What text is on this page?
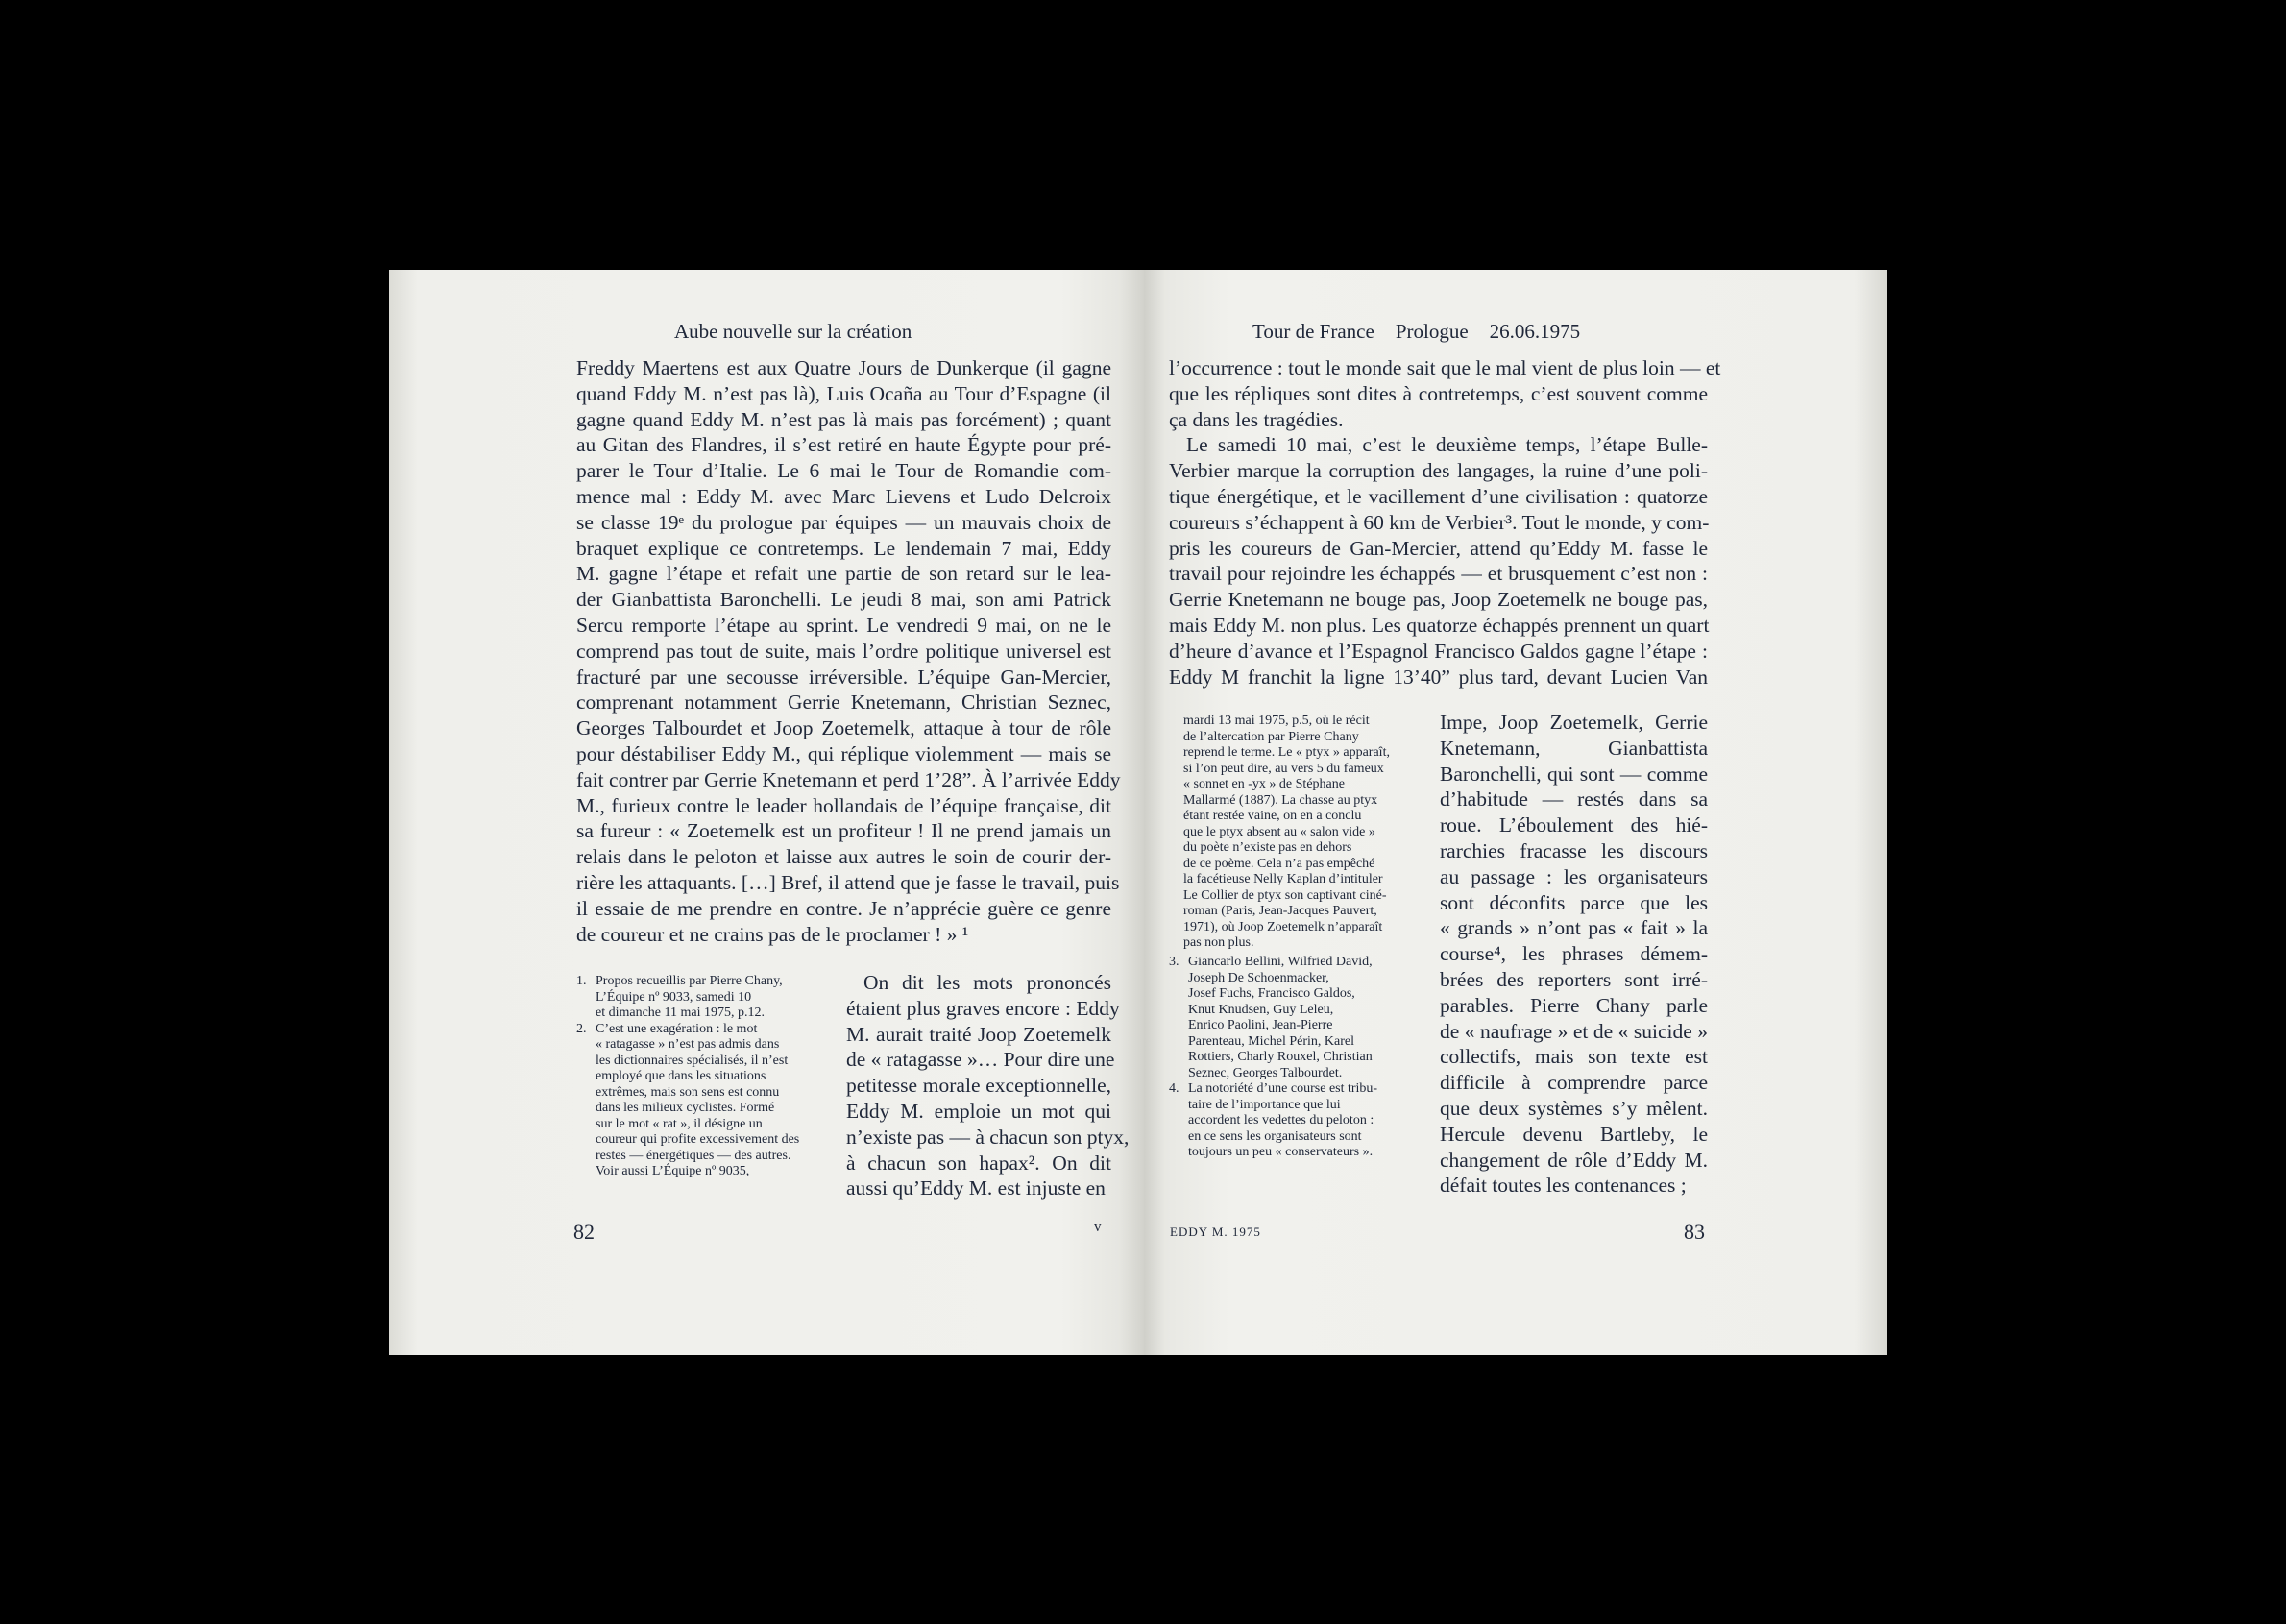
Aube nouvelle sur la création
Freddy Maertens est aux Quatre Jours de Dunkerque (il gagne
quand Eddy M. n’est pas là), Luis Ocaña au Tour d’Espagne (il
gagne quand Eddy M. n’est pas là mais pas forcément) ; quant
au Gitan des Flandres, il s’est retiré en haute Égypte pour pré-
parer le Tour d’Italie. Le 6 mai le Tour de Romandie com-
mence mal : Eddy M. avec Marc Lievens et Ludo Delcroix
se classe 19ᵉ du prologue par équipes — un mauvais choix de
braquet explique ce contretemps. Le lendemain 7 mai, Eddy
M. gagne l’étape et refait une partie de son retard sur le lea-
der Gianbattista Baronchelli. Le jeudi 8 mai, son ami Patrick
Sercu remporte l’étape au sprint. Le vendredi 9 mai, on ne le
comprend pas tout de suite, mais l’ordre politique universel est
fracturé par une secousse irréversible. L’équipe Gan-Mercier,
comprenant notamment Gerrie Knetemann, Christian Seznec,
Georges Talbourdet et Joop Zoetemelk, attaque à tour de rôle
pour déstabiliser Eddy M., qui réplique violemment — mais se
fait contrer par Gerrie Knetemann et perd 1’28”. À l’arrivée Eddy
M., furieux contre le leader hollandais de l’équipe française, dit
sa fureur : « Zoetemelk est un profiteur ! Il ne prend jamais un
relais dans le peloton et laisse aux autres le soin de courir der-
rière les attaquants. […] Bref, il attend que je fasse le travail, puis
il essaie de me prendre en contre. Je n’apprécie guère ce genre
de coureur et ne crains pas de le proclamer ! » ¹
1. Propos recueillis par Pierre Chany,
L’Équipe nº 9033, samedi 10
et dimanche 11 mai 1975, p.12.
2. C’est une exagération : le mot
« ratagasse » n’est pas admis dans
les dictionnaires spécialisés, il n’est
employé que dans les situations
extrêmes, mais son sens est connu
dans les milieux cyclistes. Formé
sur le mot « rat », il désigne un
coureur qui profite excessivement des
restes — énergétiques — des autres.
Voir aussi L’Équipe nº 9035,
On dit les mots prononcés
étaient plus graves encore : Eddy
M. aurait traité Joop Zoetemelk
de « ratagasse »… Pour dire une
petitesse morale exceptionnelle,
Eddy M. emploie un mot qui
n’existe pas — à chacun son ptyx,
à chacun son hapax². On dit
aussi qu’Eddy M. est injuste en
82	v
Tour de France Prologue 26.06.1975
l’occurrence : tout le monde sait que le mal vient de plus loin — et
que les répliques sont dites à contretemps, c’est souvent comme
ça dans les tragédies.
Le samedi 10 mai, c’est le deuxième temps, l’étape Bulle-
Verbier marque la corruption des langages, la ruine d’une poli-
tique énergétique, et le vacillement d’une civilisation : quatorze
coureurs s’échappent à 60 km de Verbier³. Tout le monde, y com-
pris les coureurs de Gan-Mercier, attend qu’Eddy M. fasse le
travail pour rejoindre les échappés — et brusquement c’est non :
Gerrie Knetemann ne bouge pas, Joop Zoetemelk ne bouge pas,
mais Eddy M. non plus. Les quatorze échappés prennent un quart
d’heure d’avance et l’Espagnol Francisco Galdos gagne l’étape :
Eddy M franchit la ligne 13’40” plus tard, devant Lucien Van
mardi 13 mai 1975, p.5, où le récit
de l’altercation par Pierre Chany
reprend le terme. Le « ptyx » apparaît,
si l’on peut dire, au vers 5 du fameux
« sonnet en -yx » de Stéphane
Mallarmé (1887). La chasse au ptyx
étant restée vaine, on en a conclu
que le ptyx absent au « salon vide »
du poète n’existe pas en dehors
de ce poème. Cela n’a pas empêché
la facétieuse Nelly Kaplan d’intituler
Le Collier de ptyx son captivant ciné-
roman (Paris, Jean-Jacques Pauvert,
1971), où Joop Zoetemelk n’apparaît
pas non plus.
3. Giancarlo Bellini, Wilfried David,
Joseph De Schoenmacker,
Josef Fuchs, Francisco Galdos,
Knut Knudsen, Guy Leleu,
Enrico Paolini, Jean-Pierre
Parenteau, Michel Périn, Karel
Rottiers, Charly Rouxel, Christian
Seznec, Georges Talbourdet.
4. La notoriété d’une course est tribu-
taire de l’importance que lui
accordent les vedettes du peloton :
en ce sens les organisateurs sont
toujours un peu « conservateurs ».
Impe, Joop Zoetemelk, Gerrie
Knetemann, Gianbattista
Baronchelli, qui sont — comme
d’habitude — restés dans sa
roue. L’éboulement des hié-
rarchies fracasse les discours
au passage : les organisateurs
sont déconfits parce que les
« grands » n’ont pas « fait » la
course⁴, les phrases démem-
brées des reporters sont irré-
parables. Pierre Chany parle
de « naufrage » et de « suicide »
collectifs, mais son texte est
difficile à comprendre parce
que deux systèmes s’y mêlent.
Hercule devenu Bartleby, le
changement de rôle d’Eddy M.
défait toutes les contenances ;
EDDY M. 1975	83
